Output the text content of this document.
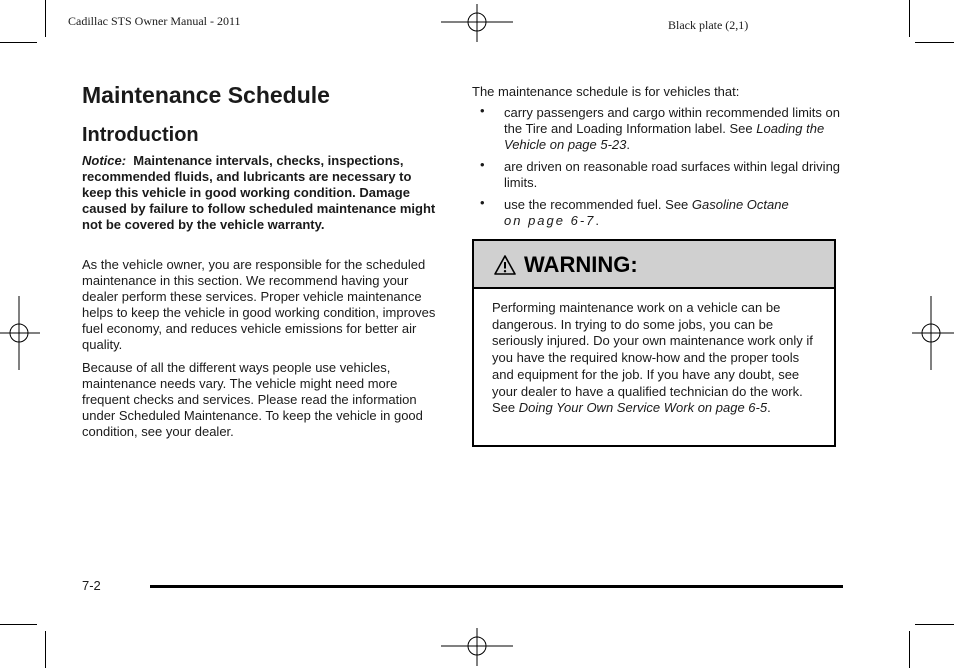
Cadillac STS Owner Manual - 2011	Black plate (2,1)
Maintenance Schedule
Introduction

Notice: Maintenance intervals, checks, inspections, recommended fluids, and lubricants are necessary to keep this vehicle in good working condition. Damage caused by failure to follow scheduled maintenance might not be covered by the vehicle warranty.

As the vehicle owner, you are responsible for the scheduled maintenance in this section. We recommend having your dealer perform these services. Proper vehicle maintenance helps to keep the vehicle in good working condition, improves fuel economy, and reduces vehicle emissions for better air quality.

Because of all the different ways people use vehicles, maintenance needs vary. The vehicle might need more frequent checks and services. Please read the information under Scheduled Maintenance. To keep the vehicle in good condition, see your dealer.

The maintenance schedule is for vehicles that:

• carry passengers and cargo within recommended limits on the Tire and Loading Information label. See Loading the Vehicle on page 5-23.
• are driven on reasonable road surfaces within legal driving limits.
• use the recommended fuel. See Gasoline Octane
on page 6-7.
WARNING:
Performing maintenance work on a vehicle can be dangerous. In trying to do some jobs, you can be seriously injured. Do your own maintenance work only if you have the required know-how and the proper tools and equipment for the job. If you have any doubt, see your dealer to have a qualified technician do the work. See Doing Your Own Service Work on page 6-5.
7-2
